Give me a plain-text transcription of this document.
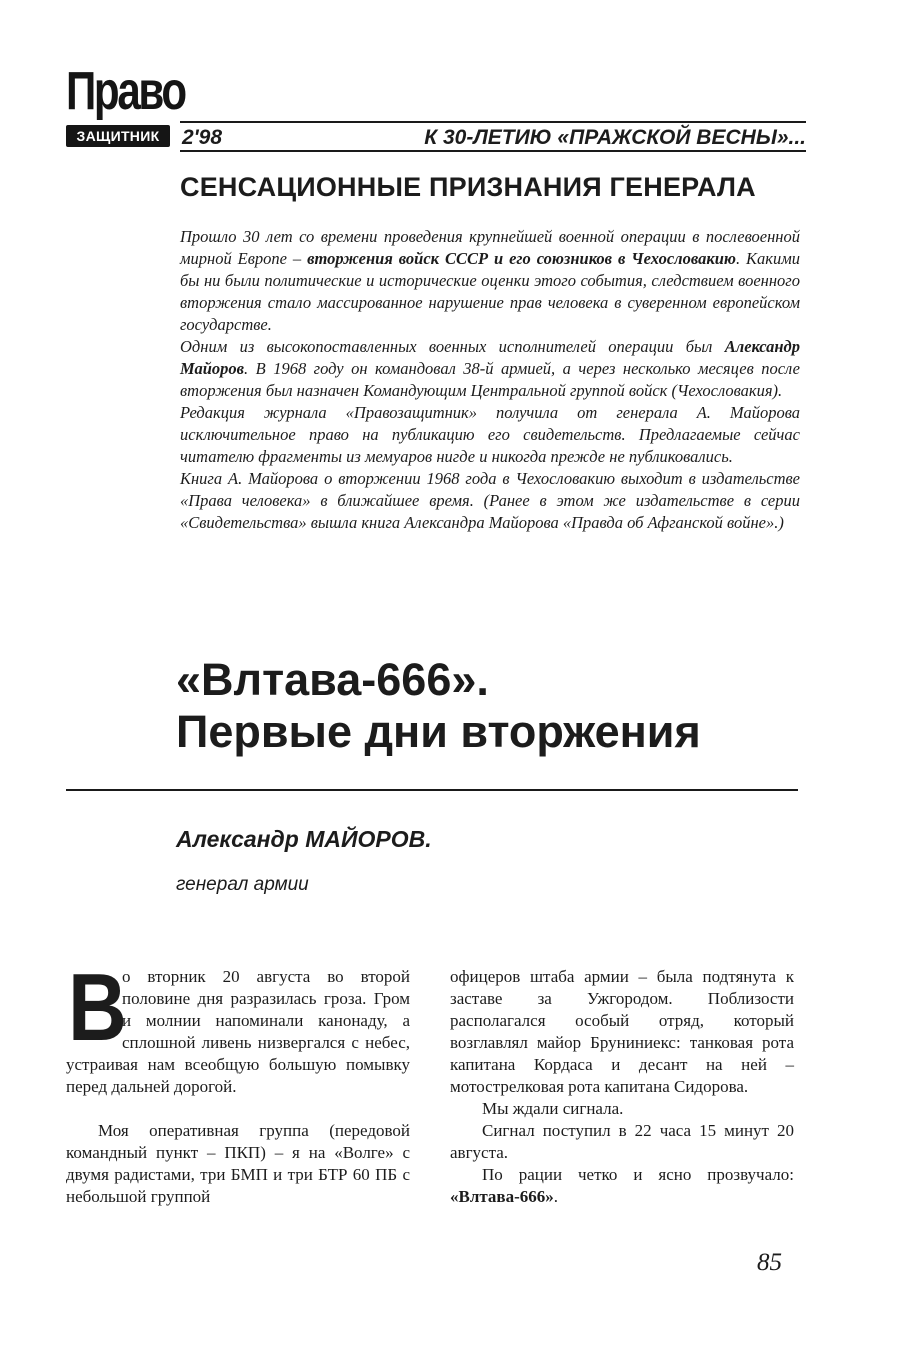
Право
ЗАЩИТНИК	2'98	К 30-ЛЕТИЮ «ПРАЖСКОЙ ВЕСНЫ»...
СЕНСАЦИОННЫЕ ПРИЗНАНИЯ ГЕНЕРАЛА

Прошло 30 лет со времени проведения крупнейшей военной операции в послевоенной мирной Европе – вторжения войск СССР и его союзников в Чехословакию. Какими бы ни были политические и исторические оценки этого события, следствием военного вторжения стало массированное нарушение прав человека в суверенном европейском государстве.

Одним из высокопоставленных военных исполнителей операции был Александр Майоров. В 1968 году он командовал 38-й армией, а через несколько месяцев после вторжения был назначен Командующим Центральной группой войск (Чехословакия).

Редакция журнала «Правозащитник» получила от генерала А. Майорова исключительное право на публикацию его свидетельств. Предлагаемые сейчас читателю фрагменты из мемуаров нигде и никогда прежде не публиковались.

Книга А. Майорова о вторжении 1968 года в Чехословакию выходит в издательстве «Права человека» в ближайшее время. (Ранее в этом же издательстве в серии «Свидетельства» вышла книга Александра Майорова «Правда об Афганской войне».)

«Влтава-666».
Первые дни вторжения
Александр МАЙОРОВ.
генерал армии

В
о вторник 20 августа во второй половине дня разразилась гроза. Гром и молнии напоминали канонаду, а сплошной ливень низвергался с небес, устраивая нам всеобщую большую помывку перед дальней дорогой.

Моя оперативная группа (передовой командный пункт – ПКП) – я на «Волге» с двумя радистами, три БМП и три БТР 60 ПБ с небольшой группой

офицеров штаба армии – была подтянута к заставе за Ужгородом. Поблизости располагался особый отряд, который возглавлял майор Бруниниекс: танковая рота капитана Кордаса и десант на ней – мотострелковая рота капитана Сидорова.

Мы ждали сигнала.

Сигнал поступил в 22 часа 15 минут 20 августа.

По рации четко и ясно прозвучало: «Влтава-666».

85
